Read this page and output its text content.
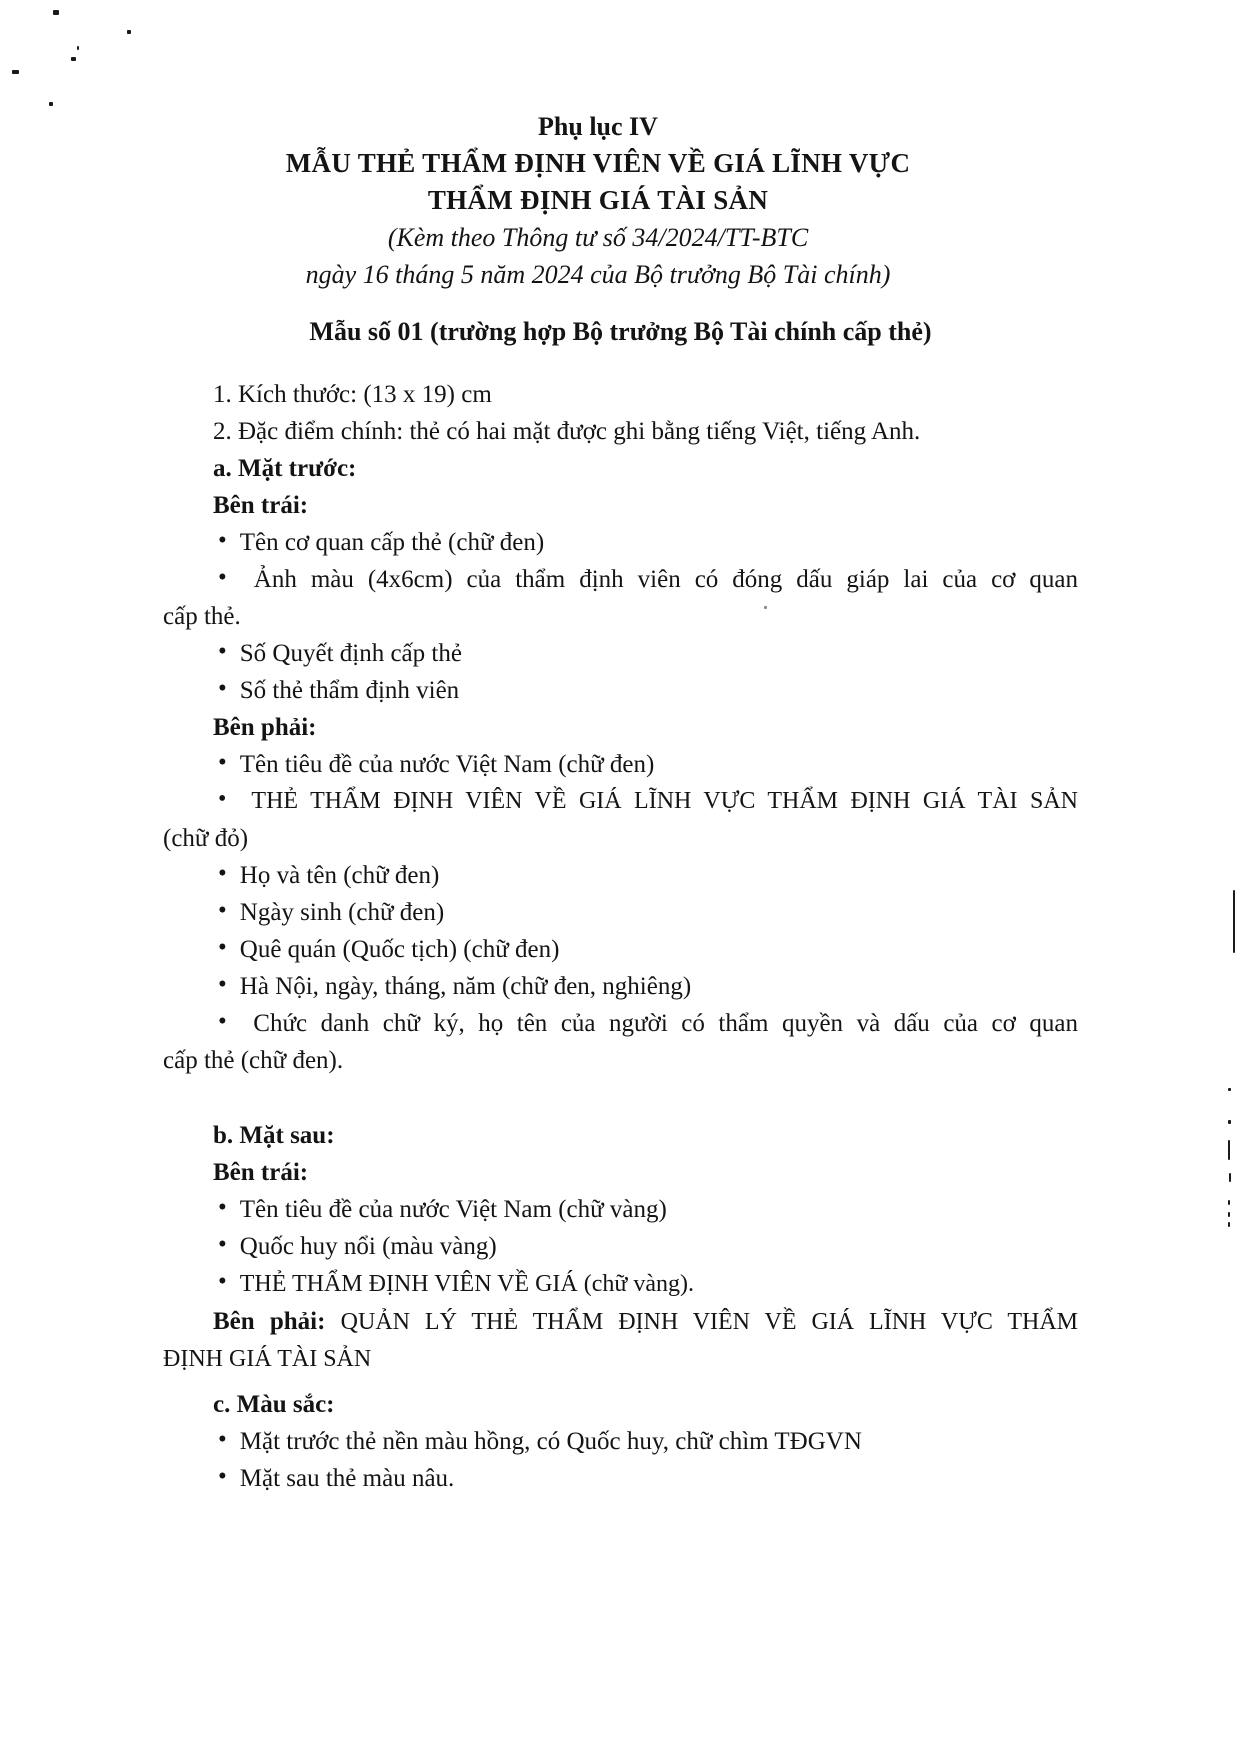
Phụ lục IV
MẪU THẺ THẨM ĐỊNH VIÊN VỀ GIÁ LĨNH VỰC
THẨM ĐỊNH GIÁ TÀI SẢN
(Kèm theo Thông tư số 34/2024/TT-BTC
ngày 16 tháng 5 năm 2024 của Bộ trưởng Bộ Tài chính)
Mẫu số 01 (trường hợp Bộ trưởng Bộ Tài chính cấp thẻ)
1. Kích thước: (13 x 19) cm
2. Đặc điểm chính: thẻ có hai mặt được ghi bằng tiếng Việt, tiếng Anh.
a. Mặt trước:
Bên trái:
• Tên cơ quan cấp thẻ (chữ đen)
• Ảnh màu (4x6cm) của thẩm định viên có đóng dấu giáp lai của cơ quan
cấp thẻ.
• Số Quyết định cấp thẻ
• Số thẻ thẩm định viên
Bên phải:
• Tên tiêu đề của nước Việt Nam (chữ đen)
• THẺ THẨM ĐỊNH VIÊN VỀ GIÁ LĨNH VỰC THẨM ĐỊNH GIÁ TÀI SẢN
(chữ đỏ)
• Họ và tên (chữ đen)
• Ngày sinh (chữ đen)
• Quê quán (Quốc tịch) (chữ đen)
• Hà Nội, ngày, tháng, năm (chữ đen, nghiêng)
• Chức danh chữ ký, họ tên của người có thẩm quyền và dấu của cơ quan
cấp thẻ (chữ đen).
b. Mặt sau:
Bên trái:
• Tên tiêu đề của nước Việt Nam (chữ vàng)
• Quốc huy nổi (màu vàng)
• THẺ THẨM ĐỊNH VIÊN VỀ GIÁ (chữ vàng).
Bên phải: QUẢN LÝ THẺ THẨM ĐỊNH VIÊN VỀ GIÁ LĨNH VỰC THẨM
ĐỊNH GIÁ TÀI SẢN
c. Màu sắc:
• Mặt trước thẻ nền màu hồng, có Quốc huy, chữ chìm TĐGVN
• Mặt sau thẻ màu nâu.
